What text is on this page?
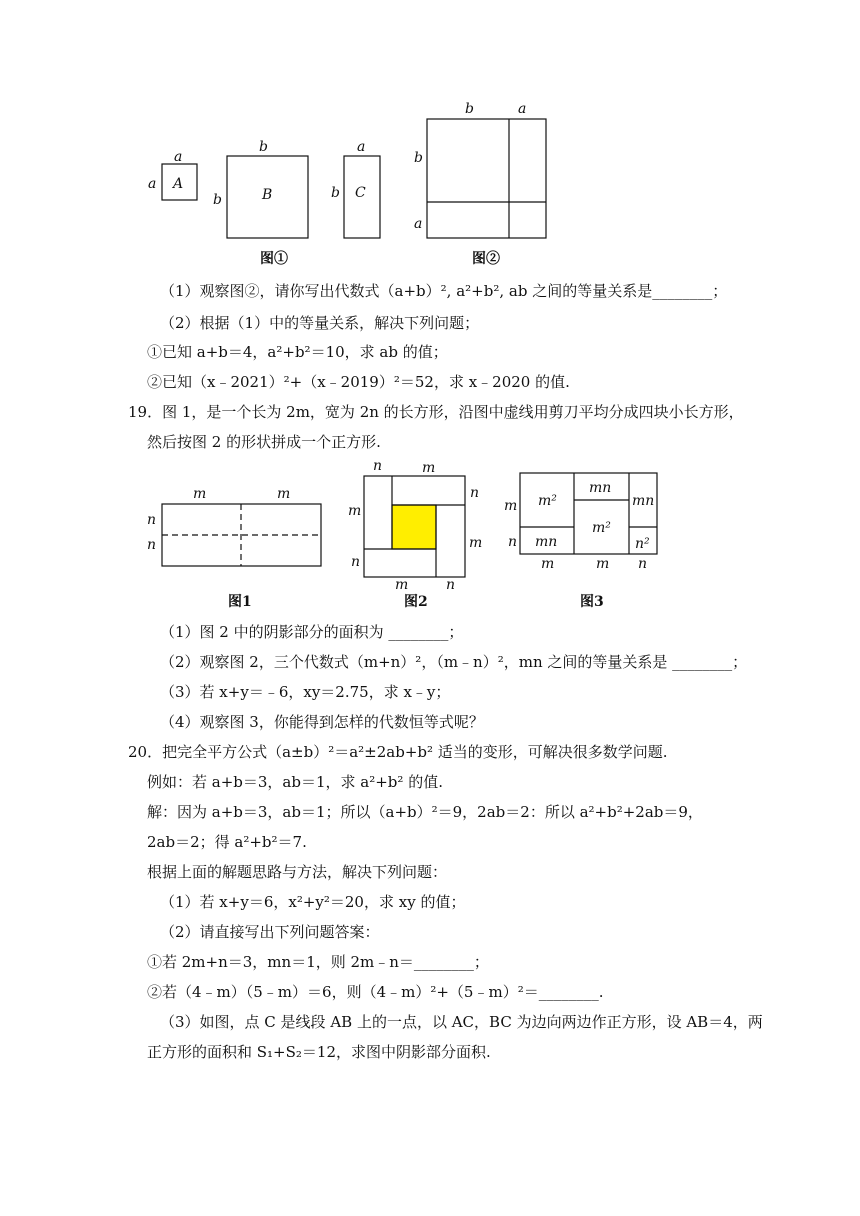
a
a A
b
b	B
a
b C
b	a
b
a
图①	图②
（1）观察图②，请你写出代数式（a+b）², a²+b², ab 之间的等量关系是________；
（2）根据（1）中的等量关系，解决下列问题；
①已知 a+b＝4，a²+b²＝10，求 ab 的值；
②已知（x﹣2021）²+（x﹣2019）²＝52，求 x﹣2020 的值.
19．图 1，是一个长为 2m，宽为 2n 的长方形，沿图中虚线用剪刀平均分成四块小长方形，
然后按图 2 的形状拼成一个正方形.
m	m
n
n
图1
n	m
m
n
n
m
m	n
图2
m
n
m	m n
m²
mn
mn
m²
mn	n²
图3
（1）图 2 中的阴影部分的面积为 ________；
（2）观察图 2，三个代数式（m+n）²，（m﹣n）²，mn 之间的等量关系是 ________；
（3）若 x+y＝﹣6，xy＝2.75，求 x﹣y；
（4）观察图 3，你能得到怎样的代数恒等式呢？
20．把完全平方公式（a±b）²＝a²±2ab+b² 适当的变形，可解决很多数学问题.
例如：若 a+b＝3，ab＝1，求 a²+b² 的值.
解：因为 a+b＝3，ab＝1；所以（a+b）²＝9，2ab＝2：所以 a²+b²+2ab＝9，
2ab＝2；得 a²+b²＝7.
根据上面的解题思路与方法，解决下列问题：
（1）若 x+y＝6，x²+y²＝20，求 xy 的值；
（2）请直接写出下列问题答案：
①若 2m+n＝3，mn＝1，则 2m﹣n＝________；
②若（4﹣m）（5﹣m）＝6，则（4﹣m）²+（5﹣m）²＝________.
（3）如图，点 C 是线段 AB 上的一点，以 AC，BC 为边向两边作正方形，设 AB＝4，两
正方形的面积和 S₁+S₂＝12，求图中阴影部分面积.
